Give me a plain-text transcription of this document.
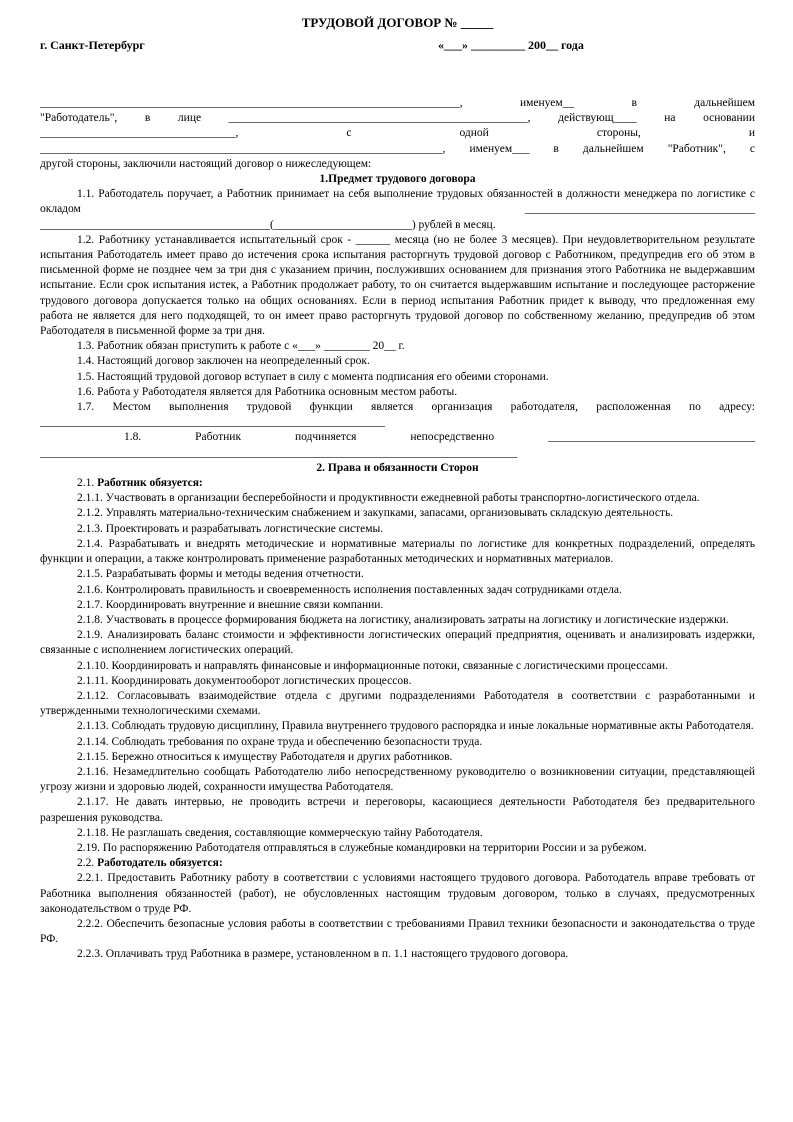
ТРУДОВОЙ ДОГОВОР № _____

г. Санкт-Петербург	«___» _________ 200__ года

_________________________________________________________________________, именуем__ в дальнейшем

"Работодатель", в лице ____________________________________________________, действующ____ на основании

__________________________________, с одной стороны, и

______________________________________________________________________, именуем___ в дальнейшем "Работник", с

другой стороны, заключили настоящий договор о нижеследующем:

1.Предмет трудового договора

1.1. Работодатель поручает, а Работник принимает на себя выполнение трудовых обязанностей в должности менеджера по логистике с окладом ________________________________________

________________________________________(________________________) рублей в месяц.

1.2. Работнику устанавливается испытательный срок - ______ месяца (но не более 3 месяцев). При неудовлетворительном результате испытания Работодатель имеет право до истечения срока испытания расторгнуть трудовой договор с Работником, предупредив его об этом в письменной форме не позднее чем за три дня с указанием причин, послуживших основанием для признания этого Работника не выдержавшим испытание. Если срок испытания истек, а Работник продолжает работу, то он считается выдержавшим испытание и последующее расторжение трудового договора допускается только на общих основаниях. Если в период испытания Работник придет к выводу, что предложенная ему работа не является для него подходящей, то он имеет право расторгнуть трудовой договор по собственному желанию, предупредив об этом Работодателя в письменной форме за три дня.

1.3. Работник обязан приступить к работе с «___» ________ 20__ г.

1.4. Настоящий договор заключен на неопределенный срок.

1.5. Настоящий трудовой договор вступает в силу с момента подписания его обеими сторонами.

1.6. Работа у Работодателя является для Работника основным местом работы.

1.7. Местом выполнения трудовой функции является организация работодателя, расположенная по адресу:

____________________________________________________________

1.8. Работник подчиняется непосредственно ____________________________________

___________________________________________________________________________________

2. Права и обязанности Сторон

2.1. Работник обязуется:

2.1.1. Участвовать в организации бесперебойности и продуктивности ежедневной работы транспортно-логистического отдела.

2.1.2. Управлять материально-техническим снабжением и закупками, запасами, организовывать складскую деятельность.

2.1.3. Проектировать и разрабатывать логистические системы.

2.1.4. Разрабатывать и внедрять методические и нормативные материалы по логистике для конкретных подразделений, определять функции и операции, а также контролировать применение разработанных методических и нормативных материалов.

2.1.5. Разрабатывать формы и методы ведения отчетности.

2.1.6. Контролировать правильность и своевременность исполнения поставленных задач сотрудниками отдела.

2.1.7. Координировать внутренние и внешние связи компании.

2.1.8. Участвовать в процессе формирования бюджета на логистику, анализировать затраты на логистику и логистические издержки.

2.1.9. Анализировать баланс стоимости и эффективности логистических операций предприятия, оценивать и анализировать издержки, связанные с исполнением логистических операций.

2.1.10. Координировать и направлять финансовые и информационные потоки, связанные с логистическими процессами.

2.1.11. Координировать документооборот логистических процессов.

2.1.12. Согласовывать взаимодействие отдела с другими подразделениями Работодателя в соответствии с разработанными и утвержденными технологическими схемами.

2.1.13. Соблюдать трудовую дисциплину, Правила внутреннего трудового распорядка и иные локальные нормативные акты Работодателя.

2.1.14. Соблюдать требования по охране труда и обеспечению безопасности труда.

2.1.15. Бережно относиться к имуществу Работодателя и других работников.

2.1.16. Незамедлительно сообщать Работодателю либо непосредственному руководителю о возникновении ситуации, представляющей угрозу жизни и здоровью людей, сохранности имущества Работодателя.

2.1.17. Не давать интервью, не проводить встречи и переговоры, касающиеся деятельности Работодателя без предварительного разрешения руководства.

2.1.18. Не разглашать сведения, составляющие коммерческую тайну Работодателя.

2.19. По распоряжению Работодателя отправляться в служебные командировки на территории России и за рубежом.

2.2. Работодатель обязуется:

2.2.1. Предоставить Работнику работу в соответствии с условиями настоящего трудового договора. Работодатель вправе требовать от Работника выполнения обязанностей (работ), не обусловленных настоящим трудовым договором, только в случаях, предусмотренных законодательством о труде РФ.

2.2.2. Обеспечить безопасные условия работы в соответствии с требованиями Правил техники безопасности и законодательства о труде РФ.

2.2.3. Оплачивать труд Работника в размере, установленном в п. 1.1 настоящего трудового договора.
